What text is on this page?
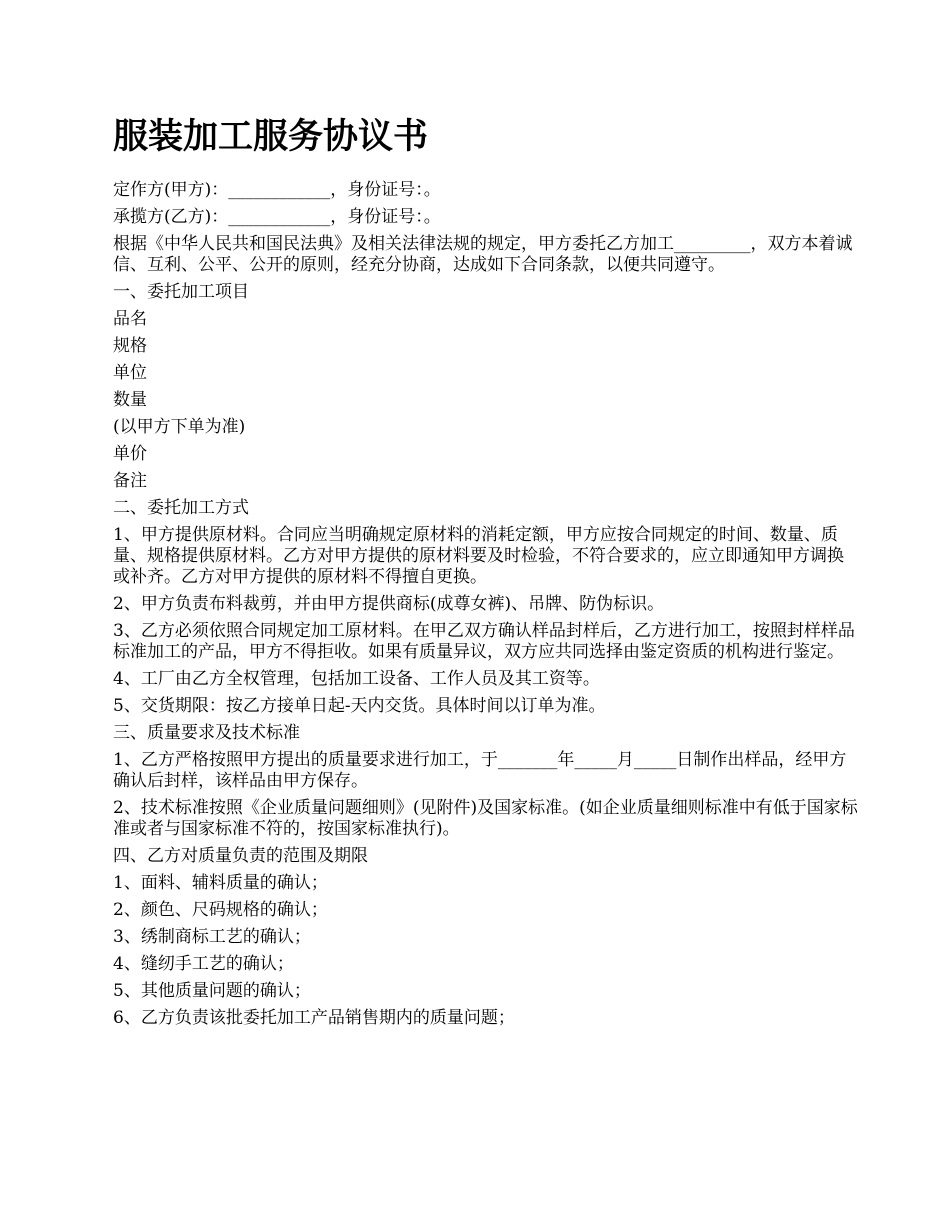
服装加工服务协议书

定作方(甲方)：____________，身份证号：。

承揽方(乙方)：____________，身份证号：。

根据《中华人民共和国民法典》及相关法律法规的规定，甲方委托乙方加工_________，双方本着诚信、互利、公平、公开的原则，经充分协商，达成如下合同条款，以便共同遵守。

一、委托加工项目

品名

规格

单位

数量

(以甲方下单为准)

单价

备注

二、委托加工方式

1、甲方提供原材料。合同应当明确规定原材料的消耗定额，甲方应按合同规定的时间、数量、质量、规格提供原材料。乙方对甲方提供的原材料要及时检验，不符合要求的，应立即通知甲方调换或补齐。乙方对甲方提供的原材料不得擅自更换。

2、甲方负责布料裁剪，并由甲方提供商标(成尊女裤)、吊牌、防伪标识。

3、乙方必须依照合同规定加工原材料。在甲乙双方确认样品封样后，乙方进行加工，按照封样样品标准加工的产品，甲方不得拒收。如果有质量异议，双方应共同选择由鉴定资质的机构进行鉴定。

4、工厂由乙方全权管理，包括加工设备、工作人员及其工资等。

5、交货期限：按乙方接单日起-天内交货。具体时间以订单为准。

三、质量要求及技术标准

1、乙方严格按照甲方提出的质量要求进行加工，于_______年_____月_____日制作出样品，经甲方确认后封样，该样品由甲方保存。

2、技术标准按照《企业质量问题细则》(见附件)及国家标准。(如企业质量细则标准中有低于国家标准或者与国家标准不符的，按国家标准执行)。

四、乙方对质量负责的范围及期限

1、面料、辅料质量的确认；

2、颜色、尺码规格的确认；

3、绣制商标工艺的确认；

4、缝纫手工艺的确认；

5、其他质量问题的确认；

6、乙方负责该批委托加工产品销售期内的质量问题；
